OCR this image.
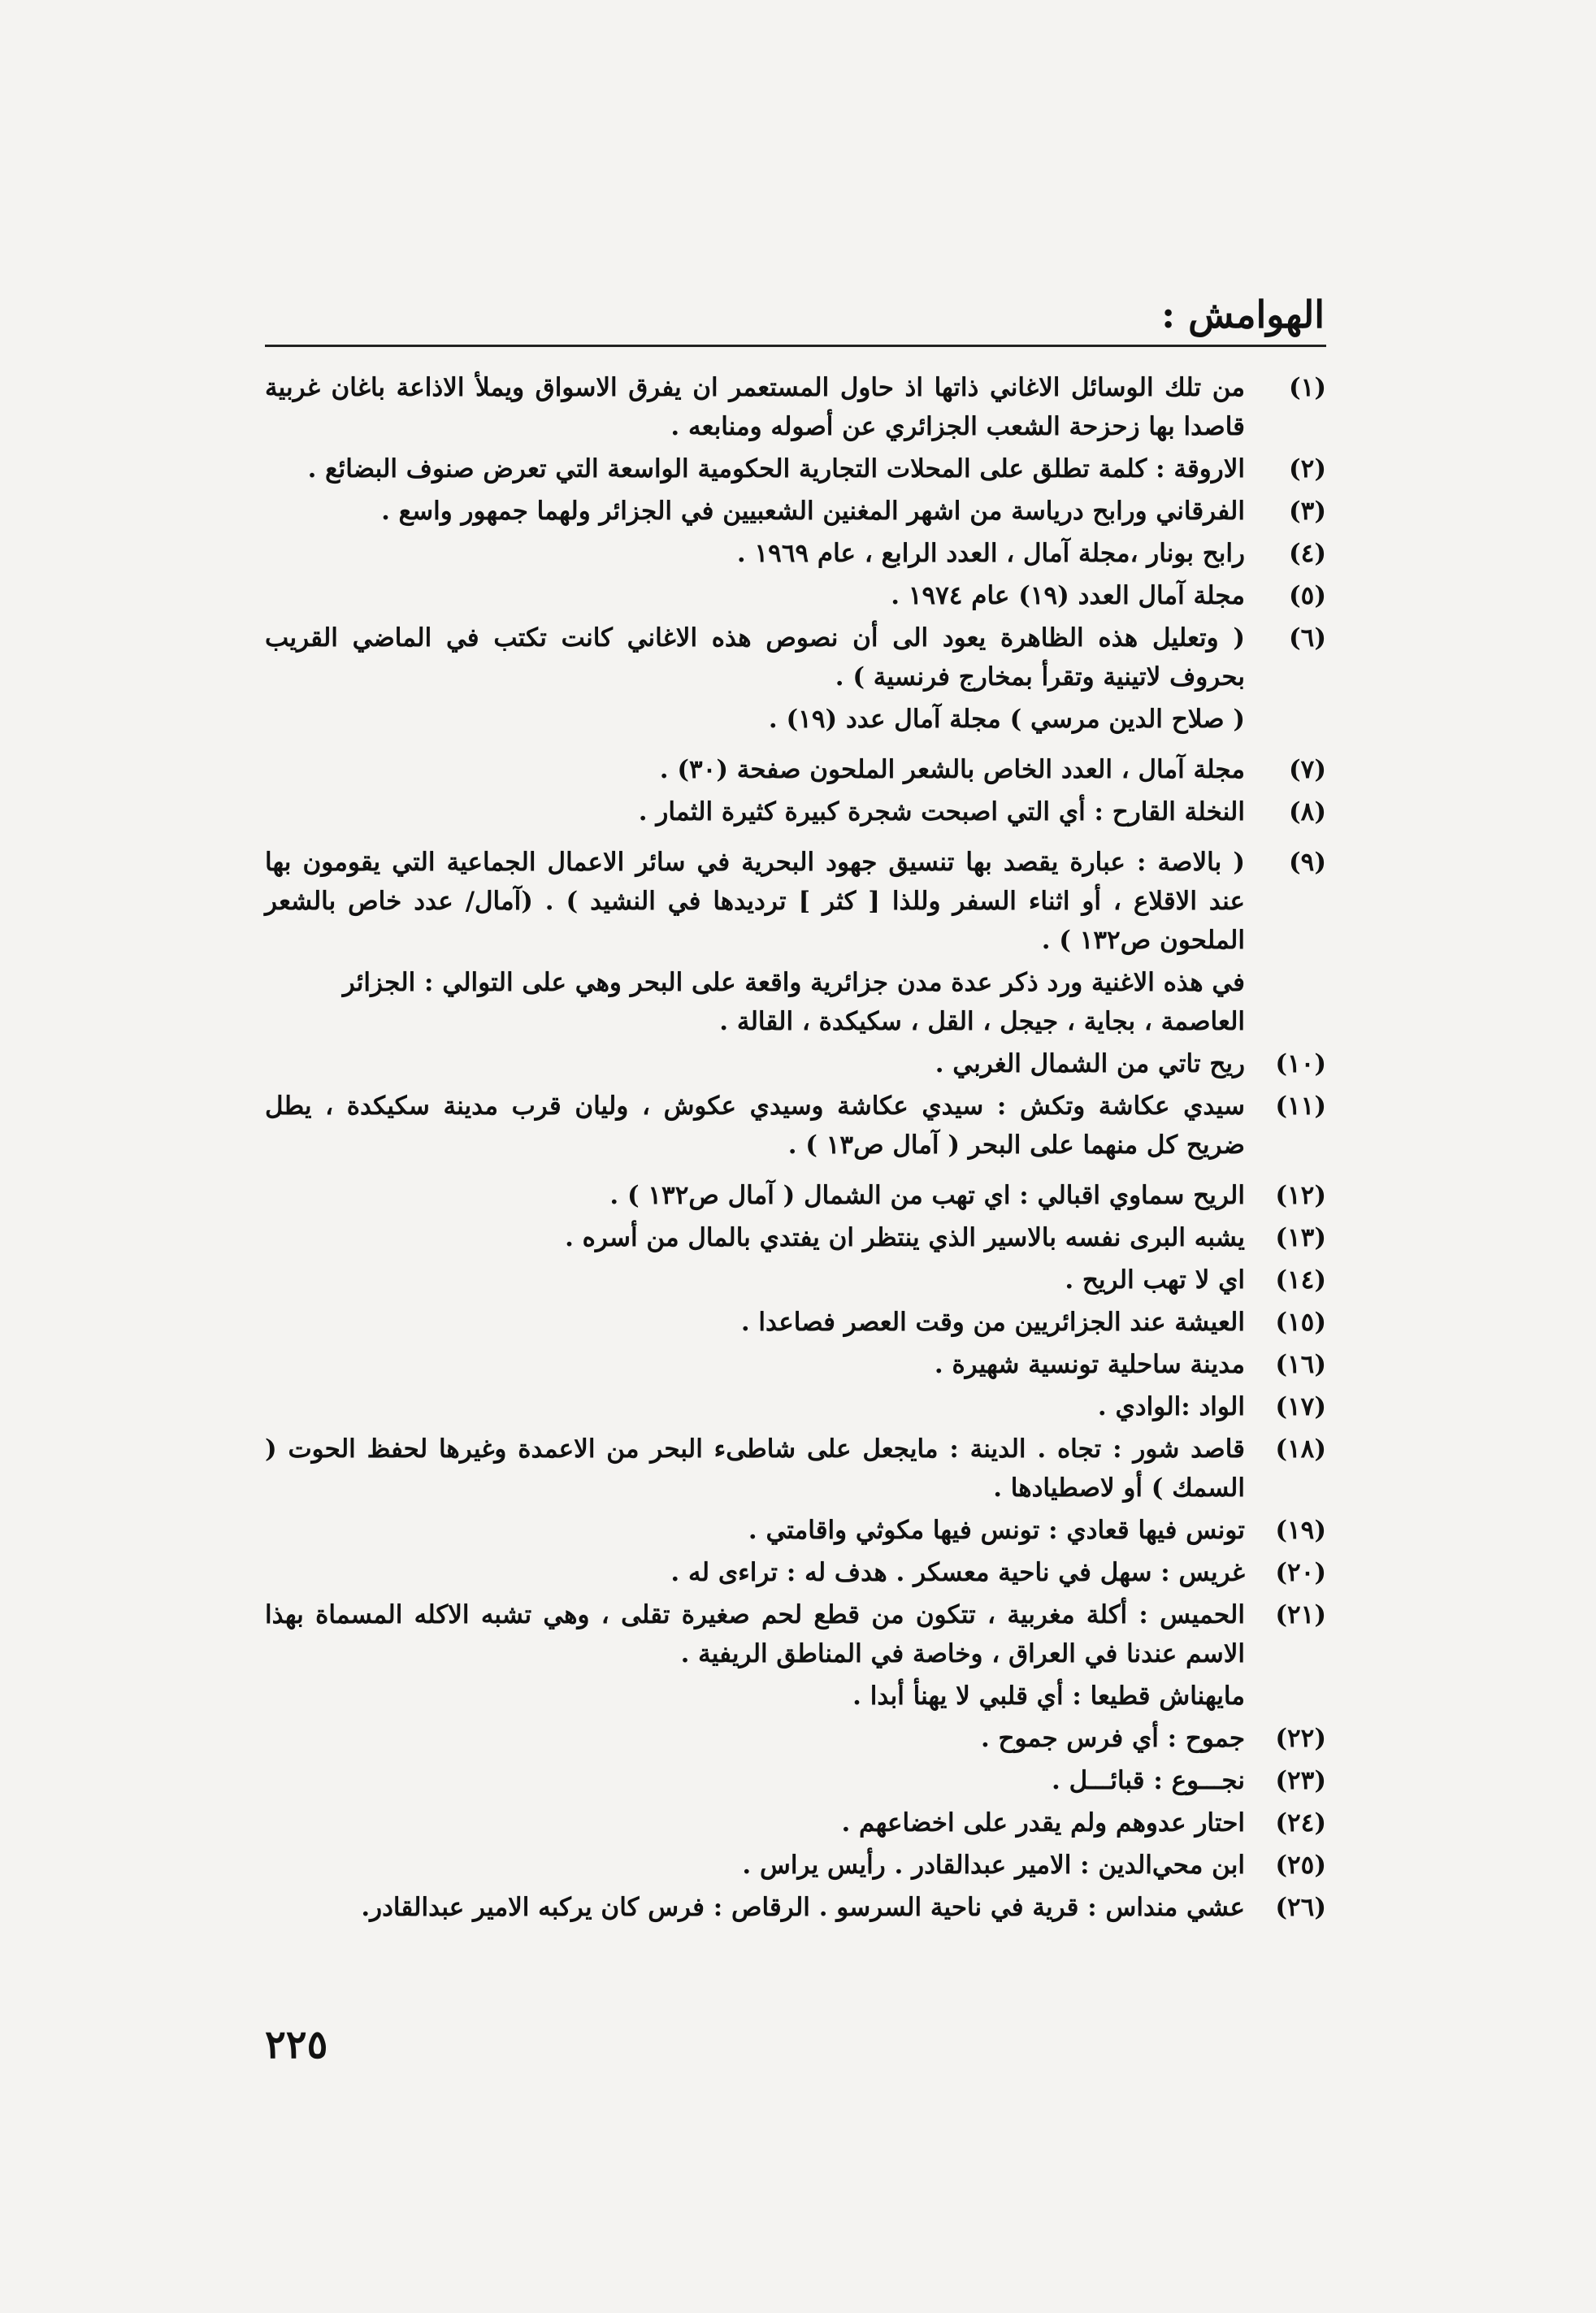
الهوامش :
(١)
من تلك الوسائل الاغاني ذاتها اذ حاول المستعمر ان يفرق الاسواق ويملأ الاذاعة باغان غربية قاصدا بها زحزحة الشعب الجزائري عن أصوله ومنابعه .
(٢)
الاروقة : كلمة تطلق على المحلات التجارية الحكومية الواسعة التي تعرض صنوف البضائع .
(٣)
الفرقاني ورابح درياسة من اشهر المغنين الشعبيين في الجزائر ولهما جمهور واسع .
(٤)
رابح بونار ،مجلة آمال ، العدد الرابع ، عام ١٩٦٩ .
(٥)
مجلة آمال العدد (١٩) عام ١٩٧٤ .
(٦)
( وتعليل هذه الظاهرة يعود الى أن نصوص هذه الاغاني كانت تكتب في الماضي القريب بحروف لاتينية وتقرأ بمخارج فرنسية ) .
( صلاح الدين مرسي ) مجلة آمال عدد (١٩) .
(٧)
مجلة آمال ، العدد الخاص بالشعر الملحون صفحة (٣٠) .
(٨)
النخلة القارح : أي التي اصبحت شجرة كبيرة كثيرة الثمار .
(٩)
( بالاصة : عبارة يقصد بها تنسيق جهود البحرية في سائر الاعمال الجماعية التي يقومون بها عند الاقلاع ، أو اثناء السفر وللذا [ كثر ] ترديدها في النشيد ) . (آمال/ عدد خاص بالشعر الملحون ص١٣٢ ) .
في هذه الاغنية ورد ذكر عدة مدن جزائرية واقعة على البحر وهي على التوالي : الجزائر العاصمة ، بجاية ، جيجل ، القل ، سكيكدة ، القالة .
(١٠)
ريح تاتي من الشمال الغربي .
(١١)
سيدي عكاشة وتكش : سيدي عكاشة وسيدي عكوش ، وليان قرب مدينة سكيكدة ، يطل ضريح كل منهما على البحر ( آمال ص١٣ ) .
(١٢)
الريح سماوي اقبالي : اي تهب من الشمال ( آمال ص١٣٢ ) .
(١٣)
يشبه البرى نفسه بالاسير الذي ينتظر ان يفتدي بالمال من أسره .
(١٤)
اي لا تهب الريح .
(١٥)
العيشة عند الجزائريين من وقت العصر فصاعدا .
(١٦)
مدينة ساحلية تونسية شهيرة .
(١٧)
الواد :الوادي .
(١٨)
قاصد شور : تجاه . الدينة : مايجعل على شاطىء البحر من الاعمدة وغيرها لحفظ الحوت ( السمك ) أو لاصطيادها .
(١٩)
تونس فيها قعادي : تونس فيها مكوثي واقامتي .
(٢٠)
غريس : سهل في ناحية معسكر . هدف له : تراءى له .
(٢١)
الحميس : أكلة مغربية ، تتكون من قطع لحم صغيرة تقلى ، وهي تشبه الاكله المسماة بهذا الاسم عندنا في العراق ، وخاصة في المناطق الريفية .
مايهناش قطيعا : أي قلبي لا يهنأ أبدا .
(٢٢)
جموح : أي فرس جموح .
(٢٣)
نجـــوع : قبائـــل .
(٢٤)
احتار عدوهم ولم يقدر على اخضاعهم .
(٢٥)
ابن محي‌الدين : الامير عبدالقادر . رأيس يراس .
(٢٦)
عشي منداس : قرية في ناحية السرسو . الرقاص : فرس كان يركبه الامير عبدالقادر.
٢٢٥
